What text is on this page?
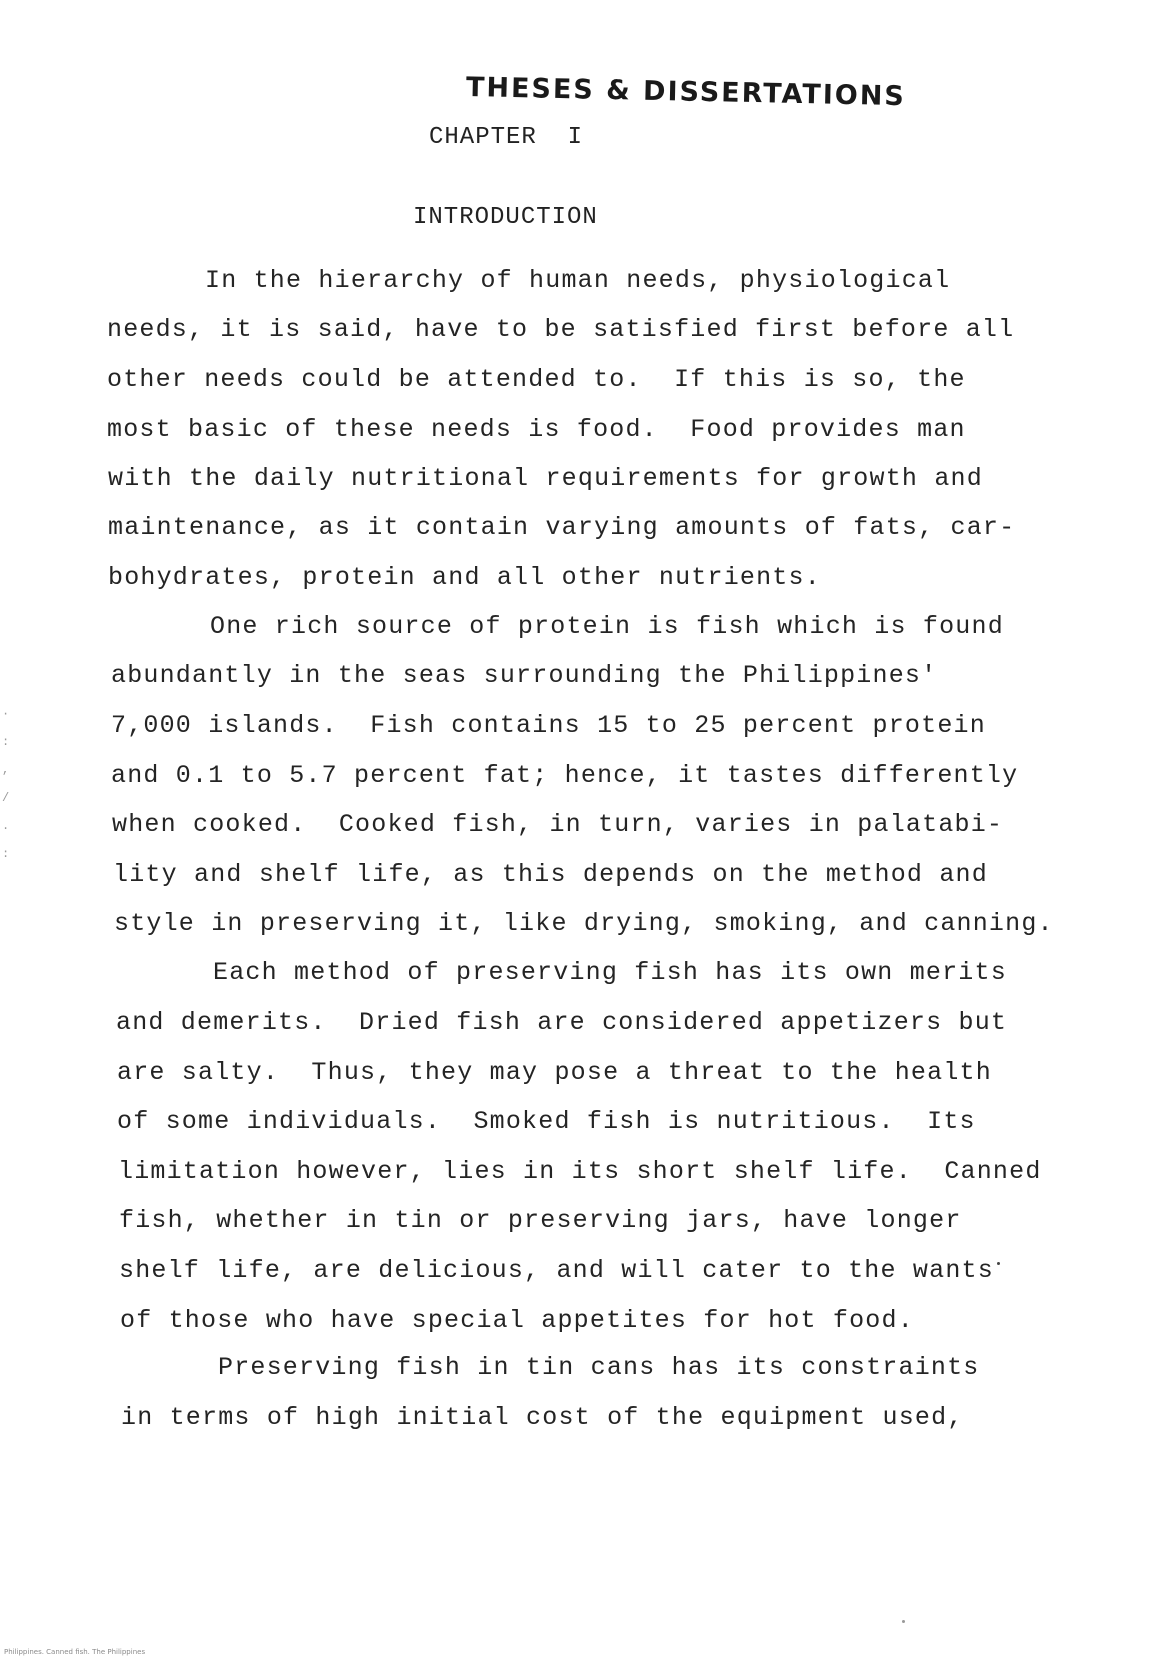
THESES & DISSERTATIONS
CHAPTER  I
INTRODUCTION
In the hierarchy of human needs, physiological
needs, it is said, have to be satisfied first before all
other needs could be attended to.  If this is so, the
most basic of these needs is food.  Food provides man
with the daily nutritional requirements for growth and
maintenance, as it contain varying amounts of fats, car-
bohydrates, protein and all other nutrients.
One rich source of protein is fish which is found
abundantly in the seas surrounding the Philippines'
7,000 islands.  Fish contains 15 to 25 percent protein
and 0.1 to 5.7 percent fat; hence, it tastes differently
when cooked.  Cooked fish, in turn, varies in palatabi-
lity and shelf life, as this depends on the method and
style in preserving it, like drying, smoking, and canning.
Each method of preserving fish has its own merits
and demerits.  Dried fish are considered appetizers but
are salty.  Thus, they may pose a threat to the health
of some individuals.  Smoked fish is nutritious.  Its
limitation however, lies in its short shelf life.  Canned
fish, whether in tin or preserving jars, have longer
shelf life, are delicious, and will cater to the wants
of those who have special appetites for hot food.
Preserving fish in tin cans has its constraints
in terms of high initial cost of the equipment used,
·
:
,
/
.
:
Philippines. Canned fish. The Philippines
